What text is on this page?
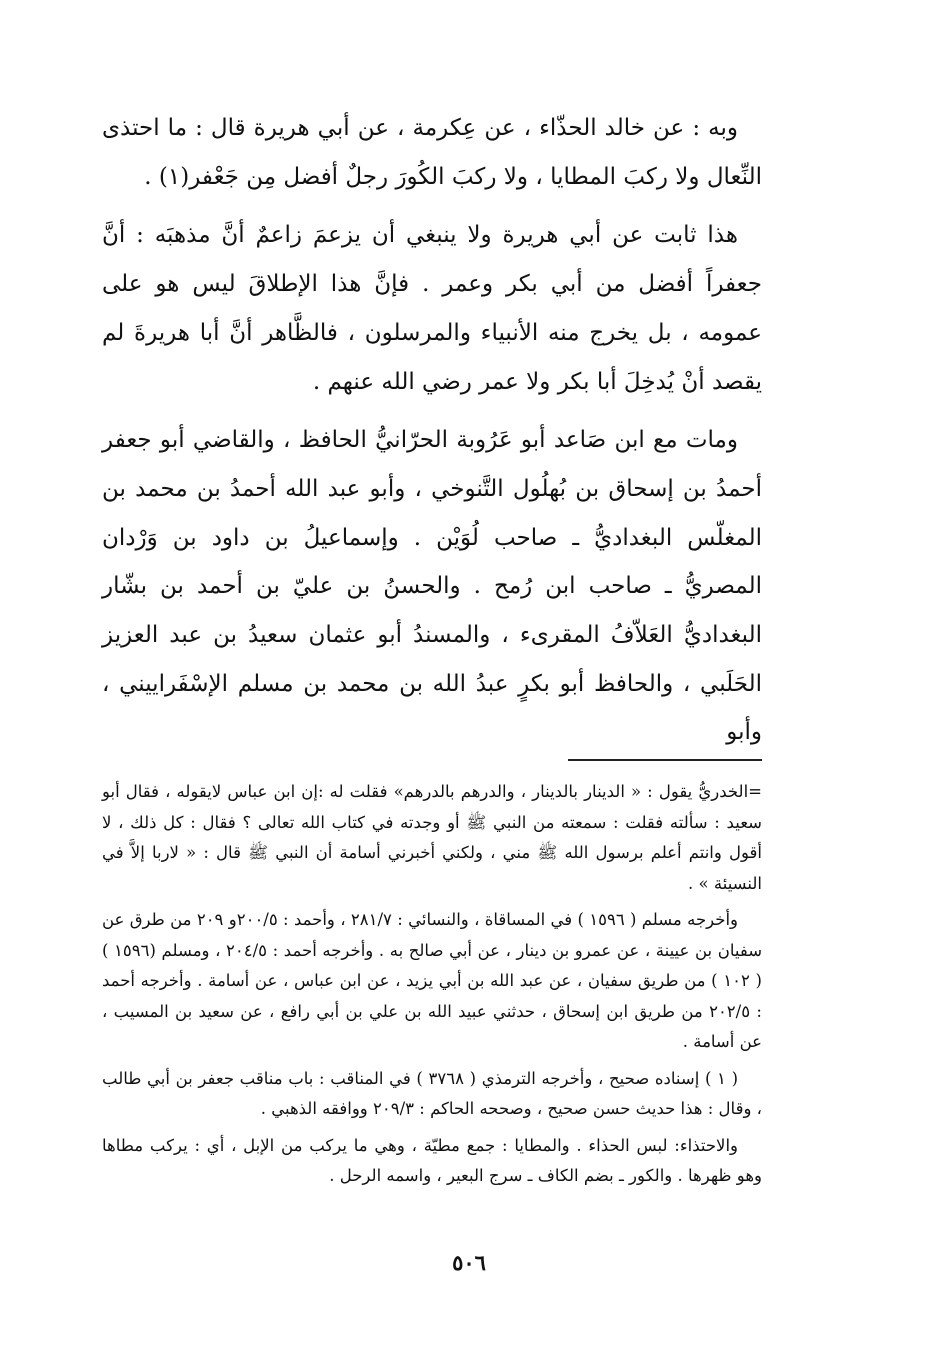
وبه : عن خالد الحذّاء ، عن عِكرمة ، عن أبي هريرة قال : ما احتذى النِّعال ولا ركبَ المطايا ، ولا ركبَ الكُورَ رجلٌ أفضل مِن جَعْفر(١) .

هذا ثابت عن أبي هريرة ولا ينبغي أن يزعمَ زاعمٌ أنَّ مذهبَه : أنَّ جعفراً أفضل من أبي بكر وعمر . فإنَّ هذا الإطلاقَ ليس هو على عمومه ، بل يخرج منه الأنبياء والمرسلون ، فالظَّاهر أنَّ أبا هريرةَ لم يقصد أنْ يُدخِلَ أبا بكر ولا عمر رضي الله عنهم .

ومات مع ابن صَاعد أبو عَرُوبة الحرّانيُّ الحافظ ، والقاضي أبو جعفر أحمدُ بن إسحاق بن بُهلُول التَّنوخي ، وأبو عبد الله أحمدُ بن محمد بن المغلّس البغداديُّ ـ صاحب لُوَيْن . وإسماعيلُ بن داود بن وَرْدان المصريُّ ـ صاحب ابن رُمح . والحسنُ بن عليّ بن أحمد بن بشّار البغداديُّ العَلاّفُ المقرىء ، والمسندُ أبو عثمان سعيدُ بن عبد العزيز الحَلَبي ، والحافظ أبو بكرٍ عبدُ الله بن محمد بن مسلم الإسْفَراييني ، وأبو

=الخدريُّ يقول : « الدينار بالدينار ، والدرهم بالدرهم» فقلت له :إن ابن عباس لايقوله ، فقال أبو سعيد : سألته فقلت : سمعته من النبي ﷺ أو وجدته في كتاب الله تعالى ؟ فقال : كل ذلك ، لا أقول وانتم أعلم برسول الله ﷺ مني ، ولكني أخبرني أسامة أن النبي ﷺ قال : « لاربا إلاَّ في النسيئة » .

وأخرجه مسلم ( ١٥٩٦ ) في المساقاة ، والنسائي : ٢٨١/٧ ، وأحمد : ٢٠٠/٥و ٢٠٩ من طرق عن سفيان بن عيينة ، عن عمرو بن دينار ، عن أبي صالح به . وأخرجه أحمد : ٢٠٤/٥ ، ومسلم (١٥٩٦ ) ( ١٠٢ ) من طريق سفيان ، عن عبد الله بن أبي يزيد ، عن ابن عباس ، عن أسامة . وأخرجه أحمد : ٢٠٢/٥ من طريق ابن إسحاق ، حدثني عبيد الله بن علي بن أبي رافع ، عن سعيد بن المسيب ، عن أسامة .

( ١ ) إسناده صحيح ، وأخرجه الترمذي ( ٣٧٦٨ ) في المناقب : باب مناقب جعفر بن أبي طالب ، وقال : هذا حديث حسن صحيح ، وصححه الحاكم : ٢٠٩/٣ ووافقه الذهبي .

والاحتذاء: لبس الحذاء . والمطايا : جمع مطيّة ، وهي ما يركب من الإبل ، أي : يركب مطاها وهو ظهرها . والكور ـ بضم الكاف ـ سرج البعير ، واسمه الرحل .

٥٠٦
